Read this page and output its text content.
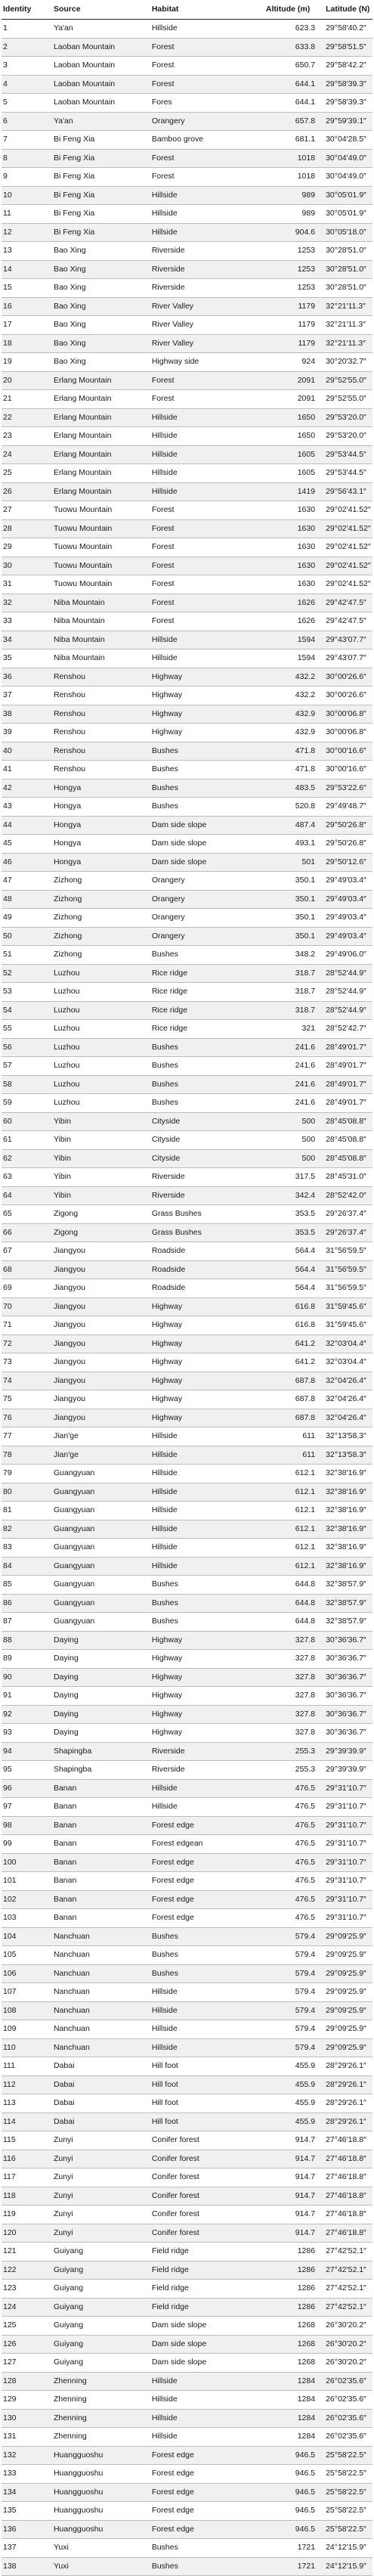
Identity	Source	Habitat	Altitude (m)	Latitude (N)
1	Ya'an	Hillside	623.3	29°58′40.2″
2	Laoban Mountain	Forest	633.8	29°58′51.5″
3	Laoban Mountain	Forest	650.7	29°58′42.2″
4	Laoban Mountain	Forest	644.1	29°58′39.3″
5	Laoban Mountain	Fores	644.1	29°58′39.3″
6	Ya'an	Orangery	657.8	29°59′39.1″
7	Bi Feng Xia	Bamboo grove	681.1	30°04′28.5″
8	Bi Feng Xia	Forest	1018	30°04′49.0″
9	Bi Feng Xia	Forest	1018	30°04′49.0″
10	Bi Feng Xia	Hillside	989	30°05′01.9″
11	Bi Feng Xia	Hillside	989	30°05′01.9″
12	Bi Feng Xia	Hillside	904.6	30°05′18.0″
13	Bao Xing	Riverside	1253	30°28′51.0″
14	Bao Xing	Riverside	1253	30°28′51.0″
15	Bao Xing	Riverside	1253	30°28′51.0″
16	Bao Xing	River Valley	1179	32°21′11.3″
17	Bao Xing	River Valley	1179	32°21′11.3″
18	Bao Xing	River Valley	1179	32°21′11.3″
19	Bao Xing	Highway side	924	30°20′32.7″
20	Erlang Mountain	Forest	2091	29°52′55.0″
21	Erlang Mountain	Forest	2091	29°52′55.0″
22	Erlang Mountain	Hillside	1650	29°53′20.0″
23	Erlang Mountain	Hillside	1650	29°53′20.0″
24	Erlang Mountain	Hillside	1605	29°53′44.5″
25	Erlang Mountain	Hillside	1605	29°53′44.5″
26	Erlang Mountain	Hillside	1419	29°56′43.1″
27	Tuowu Mountain	Forest	1630	29°02′41.52″
28	Tuowu Mountain	Forest	1630	29°02′41.52″
29	Tuowu Mountain	Forest	1630	29°02′41.52″
30	Tuowu Mountain	Forest	1630	29°02′41.52″
31	Tuowu Mountain	Forest	1630	29°02′41.52″
32	Niba Mountain	Forest	1626	29°42′47.5″
33	Niba Mountain	Forest	1626	29°42′47.5″
34	Niba Mountain	Hillside	1594	29°43′07.7″
35	Niba Mountain	Hillside	1594	29°43′07.7″
36	Renshou	Highway	432.2	30°00′26.6″
37	Renshou	Highway	432.2	30°00′26.6″
38	Renshou	Highway	432.9	30°00′06.8″
39	Renshou	Highway	432.9	30°00′06.8″
40	Renshou	Bushes	471.8	30°00′16.6″
41	Renshou	Bushes	471.8	30°00′16.6″
42	Hongya	Bushes	483.5	29°53′22.6″
43	Hongya	Bushes	520.8	29°49′48.7″
44	Hongya	Dam side slope	487.4	29°50′26.8″
45	Hongya	Dam side slope	493.1	29°50′26.8″
46	Hongya	Dam side slope	501	29°50′12.6″
47	Zizhong	Orangery	350.1	29°49′03.4″
48	Zizhong	Orangery	350.1	29°49′03.4″
49	Zizhong	Orangery	350.1	29°49′03.4″
50	Zizhong	Orangery	350.1	29°49′03.4″
51	Zizhong	Bushes	348.2	29°49′06.0″
52	Luzhou	Rice ridge	318.7	28°52′44.9″
53	Luzhou	Rice ridge	318.7	28°52′44.9″
54	Luzhou	Rice ridge	318.7	28°52′44.9″
55	Luzhou	Rice ridge	321	28°52′42.7″
56	Luzhou	Bushes	241.6	28°49′01.7″
57	Luzhou	Bushes	241.6	28°49′01.7″
58	Luzhou	Bushes	241.6	28°49′01.7″
59	Luzhou	Bushes	241.6	28°49′01.7″
60	Yibin	Cityside	500	28°45′08.8″
61	Yibin	Cityside	500	28°45′08.8″
62	Yibin	Cityside	500	28°45′08.8″
63	Yibin	Riverside	317.5	28°45′31.0″
64	Yibin	Riverside	342.4	28°52′42.0″
65	Zigong	Grass Bushes	353.5	29°26′37.4″
66	Zigong	Grass Bushes	353.5	29°26′37.4″
67	Jiangyou	Roadside	564.4	31°56′59.5″
68	Jiangyou	Roadside	564.4	31°56′59.5″
69	Jiangyou	Roadside	564.4	31°56′59.5″
70	Jiangyou	Highway	616.8	31°59′45.6″
71	Jiangyou	Highway	616.8	31°59′45.6″
72	Jiangyou	Highway	641.2	32°03′04.4″
73	Jiangyou	Highway	641.2	32°03′04.4″
74	Jiangyou	Highway	687.8	32°04′26.4″
75	Jiangyou	Highway	687.8	32°04′26.4″
76	Jiangyou	Highway	687.8	32°04′26.4″
77	Jian'ge	Hillside	611	32°13′58.3″
78	Jian'ge	Hillside	611	32°13′58.3″
79	Guangyuan	Hillside	612.1	32°38′16.9″
80	Guangyuan	Hillside	612.1	32°38′16.9″
81	Guangyuan	Hillside	612.1	32°38′16.9″
82	Guangyuan	Hillside	612.1	32°38′16.9″
83	Guangyuan	Hillside	612.1	32°38′16.9″
84	Guangyuan	Hillside	612.1	32°38′16.9″
85	Guangyuan	Bushes	644.8	32°38′57.9″
86	Guangyuan	Bushes	644.8	32°38′57.9″
87	Guangyuan	Bushes	644.8	32°38′57.9″
88	Daying	Highway	327.8	30°36′36.7″
89	Daying	Highway	327.8	30°36′36.7″
90	Daying	Highway	327.8	30°36′36.7″
91	Daying	Highway	327.8	30°36′36.7″
92	Daying	Highway	327.8	30°36′36.7″
93	Daying	Highway	327.8	30°36′36.7″
94	Shapingba	Riverside	255.3	29°39′39.9″
95	Shapingba	Riverside	255.3	29°39′39.9″
96	Banan	Hillside	476.5	29°31′10.7″
97	Banan	Hillside	476.5	29°31′10.7″
98	Banan	Forest edge	476.5	29°31′10.7″
99	Banan	Forest edgean	476.5	29°31′10.7″
100	Banan	Forest edge	476.5	29°31′10.7″
101	Banan	Forest edge	476.5	29°31′10.7″
102	Banan	Forest edge	476.5	29°31′10.7″
103	Banan	Forest edge	476.5	29°31′10.7″
104	Nanchuan	Bushes	579.4	29°09′25.9″
105	Nanchuan	Bushes	579.4	29°09′25.9″
106	Nanchuan	Bushes	579.4	29°09′25.9″
107	Nanchuan	Hillside	579.4	29°09′25.9″
108	Nanchuan	Hillside	579.4	29°09′25.9″
109	Nanchuan	Hillside	579.4	29°09′25.9″
110	Nanchuan	Hillside	579.4	29°09′25.9″
111	Dabai	Hill foot	455.9	28°29′26.1″
112	Dabai	Hill foot	455.9	28°29′26.1″
113	Dabai	Hill foot	455.9	28°29′26.1″
114	Dabai	Hill foot	455.9	28°29′26.1″
115	Zunyi	Conifer forest	914.7	27°46′18.8″
116	Zunyi	Conifer forest	914.7	27°46′18.8″
117	Zunyi	Conifer forest	914.7	27°46′18.8″
118	Zunyi	Conifer forest	914.7	27°46′18.8″
119	Zunyi	Conifer forest	914.7	27°46′18.8″
120	Zunyi	Conifer forest	914.7	27°46′18.8″
121	Guiyang	Field ridge	1286	27°42′52.1″
122	Guiyang	Field ridge	1286	27°42′52.1″
123	Guiyang	Field ridge	1286	27°42′52.1″
124	Guiyang	Field ridge	1286	27°42′52.1″
125	Guiyang	Dam side slope	1268	26°30′20.2″
126	Guiyang	Dam side slope	1268	26°30′20.2″
127	Guiyang	Dam side slope	1268	26°30′20.2″
128	Zhenning	Hillside	1284	26°02′35.6″
129	Zhenning	Hillside	1284	26°02′35.6″
130	Zhenning	Hillside	1284	26°02′35.6″
131	Zhenning	Hillside	1284	26°02′35.6″
132	Huangguoshu	Forest edge	946.5	25°58′22.5″
133	Huangguoshu	Forest edge	946.5	25°58′22.5″
134	Huangguoshu	Forest edge	946.5	25°58′22.5″
135	Huangguoshu	Forest edge	946.5	25°58′22.5″
136	Huangguoshu	Forest edge	946.5	25°58′22.5″
137	Yuxi	Bushes	1721	24°12′15.9″
138	Yuxi	Bushes	1721	24°12′15.9″
